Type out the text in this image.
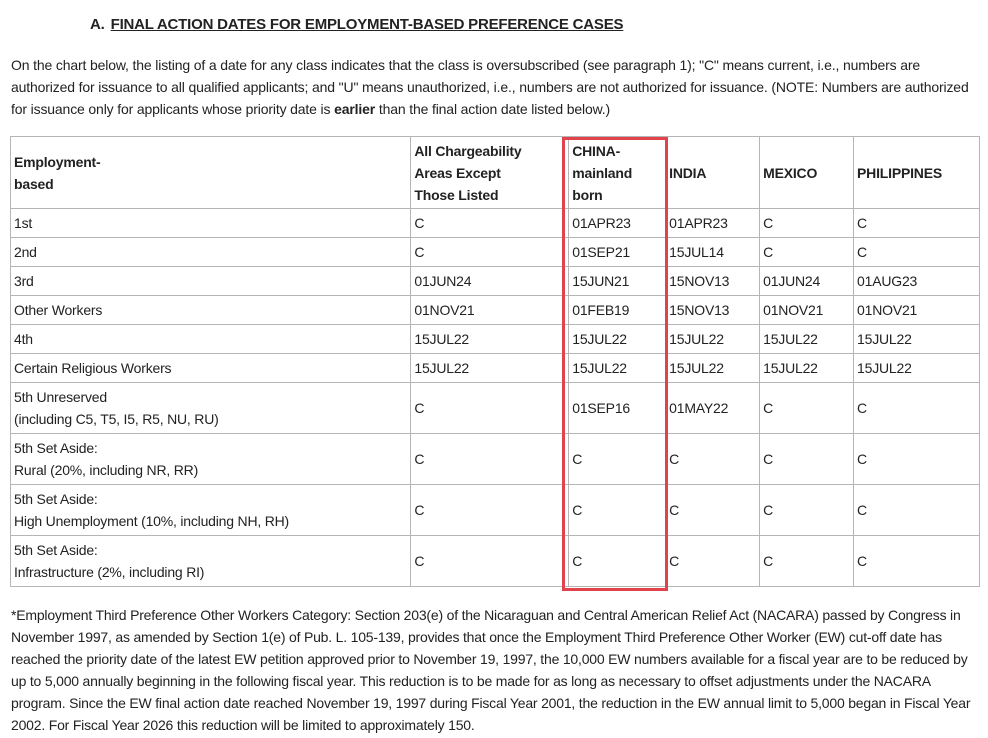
A. FINAL ACTION DATES FOR EMPLOYMENT-BASED PREFERENCE CASES

On the chart below, the listing of a date for any class indicates that the class is oversubscribed (see paragraph 1); "C" means current, i.e., numbers are authorized for issuance to all qualified applicants; and "U" means unauthorized, i.e., numbers are not authorized for issuance. (NOTE: Numbers are authorized for issuance only for applicants whose priority date is earlier than the final action date listed below.)

Employment-
based	All Chargeability
Areas Except
Those Listed	CHINA-
mainland
born	INDIA	MEXICO	PHILIPPINES

1st	C	01APR23	01APR23	C	C

2nd	C	01SEP21	15JUL14	C	C

3rd	01JUN24	15JUN21	15NOV13	01JUN24	01AUG23

Other Workers	01NOV21	01FEB19	15NOV13	01NOV21	01NOV21

4th	15JUL22	15JUL22	15JUL22	15JUL22	15JUL22

Certain Religious Workers	15JUL22	15JUL22	15JUL22	15JUL22	15JUL22

5th Unreserved
(including C5, T5, I5, R5, NU, RU)	C	01SEP16	01MAY22	C	C

5th Set Aside:
Rural (20%, including NR, RR)	C	C	C	C	C

5th Set Aside:
High Unemployment (10%, including NH, RH)	C	C	C	C	C

5th Set Aside:
Infrastructure (2%, including RI)	C	C	C	C	C

*Employment Third Preference Other Workers Category: Section 203(e) of the Nicaraguan and Central American Relief Act (NACARA) passed by Congress in November 1997, as amended by Section 1(e) of Pub. L. 105-139, provides that once the Employment Third Preference Other Worker (EW) cut-off date has reached the priority date of the latest EW petition approved prior to November 19, 1997, the 10,000 EW numbers available for a fiscal year are to be reduced by up to 5,000 annually beginning in the following fiscal year. This reduction is to be made for as long as necessary to offset adjustments under the NACARA program. Since the EW final action date reached November 19, 1997 during Fiscal Year 2001, the reduction in the EW annual limit to 5,000 began in Fiscal Year 2002. For Fiscal Year 2026 this reduction will be limited to approximately 150.
